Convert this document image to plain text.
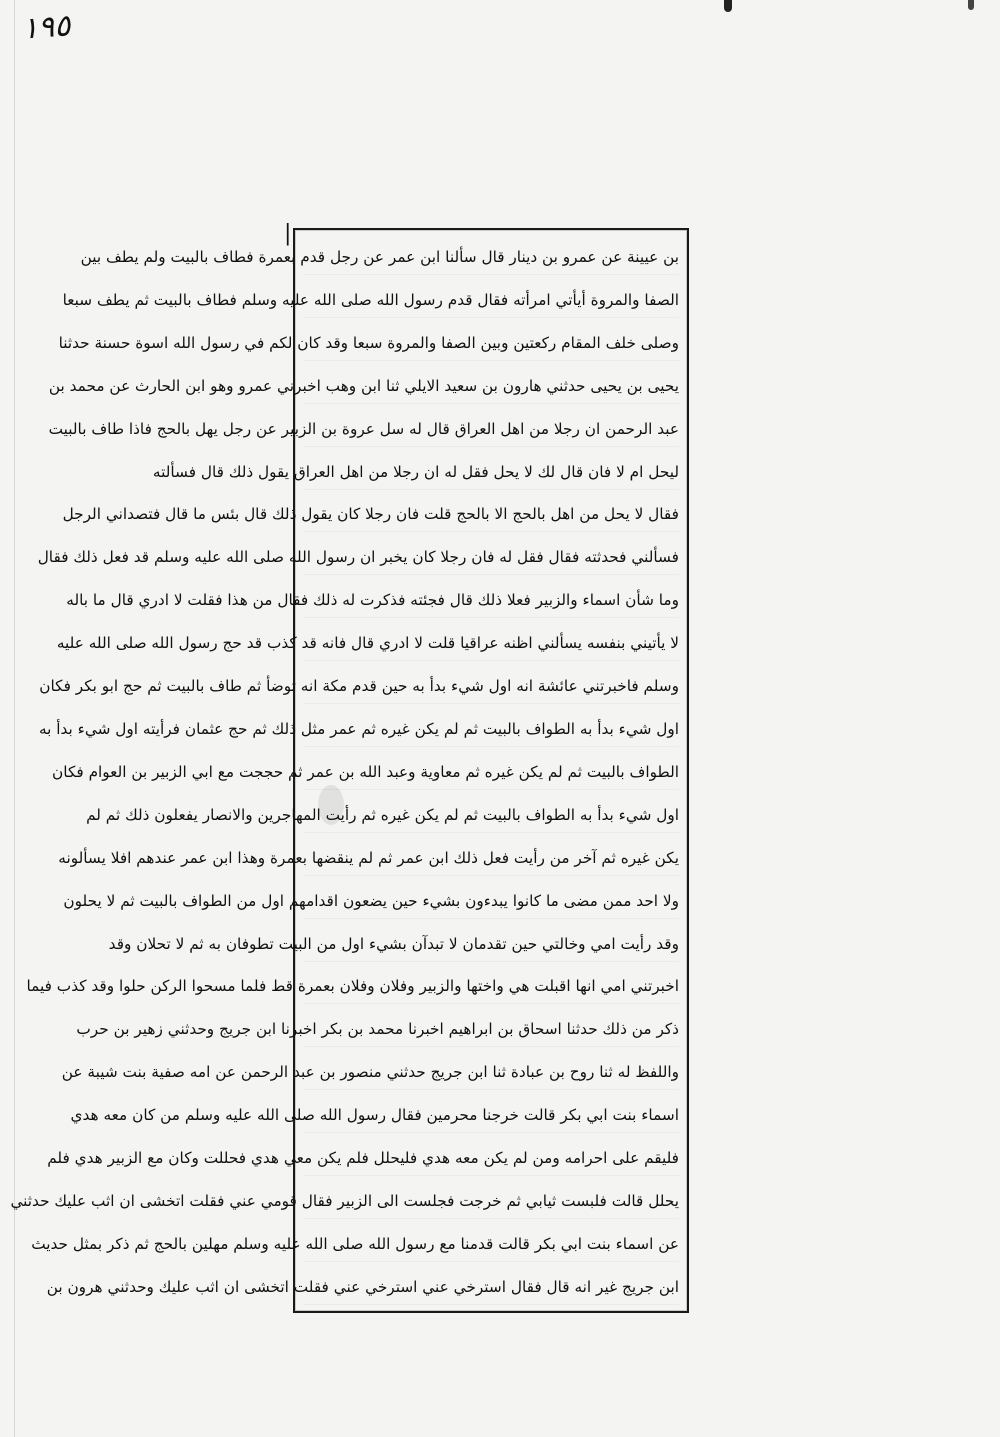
١٩٥
|
بن عيينة عن عمرو بن دينار قال سألنا ابن عمر عن رجل قدم بعمرة فطاف بالبيت ولم يطف بين
الصفا والمروة أيأتي امرأته فقال قدم رسول الله صلى الله عليه وسلم فطاف بالبيت ثم يطف سبعا
وصلى خلف المقام ركعتين وبين الصفا والمروة سبعا وقد كان لكم في رسول الله اسوة حسنة حدثنا
يحيى بن يحيى حدثني هارون بن سعيد الايلي ثنا ابن وهب اخبرني عمرو وهو ابن الحارث عن محمد بن
عبد الرحمن ان رجلا من اهل العراق قال له سل عروة بن الزبير عن رجل يهل بالحج فاذا طاف بالبيت
ليحل ام لا فان قال لك لا يحل فقل له ان رجلا من اهل العراق يقول ذلك قال فسألته
فقال لا يحل من اهل بالحج الا بالحج قلت فان رجلا كان يقول ذلك قال بئس ما قال فتصداني الرجل
فسألني فحدثته فقال فقل له فان رجلا كان يخبر ان رسول الله صلى الله عليه وسلم قد فعل ذلك فقال
وما شأن اسماء والزبير فعلا ذلك قال فجئته فذكرت له ذلك فقال من هذا فقلت لا ادري قال ما باله
لا يأتيني بنفسه يسألني اظنه عراقيا قلت لا ادري قال فانه قد كذب قد حج رسول الله صلى الله عليه
وسلم فاخبرتني عائشة انه اول شيء بدأ به حين قدم مكة انه توضأ ثم طاف بالبيت ثم حج ابو بكر فكان
اول شيء بدأ به الطواف بالبيت ثم لم يكن غيره ثم عمر مثل ذلك ثم حج عثمان فرأيته اول شيء بدأ به
الطواف بالبيت ثم لم يكن غيره ثم معاوية وعبد الله بن عمر ثم حججت مع ابي الزبير بن العوام فكان
اول شيء بدأ به الطواف بالبيت ثم لم يكن غيره ثم رأيت المهاجرين والانصار يفعلون ذلك ثم لم
يكن غيره ثم آخر من رأيت فعل ذلك ابن عمر ثم لم ينقضها بعمرة وهذا ابن عمر عندهم افلا يسألونه
ولا احد ممن مضى ما كانوا يبدءون بشيء حين يضعون اقدامهم اول من الطواف بالبيت ثم لا يحلون
وقد رأيت امي وخالتي حين تقدمان لا تبدآن بشيء اول من البيت تطوفان به ثم لا تحلان وقد
اخبرتني امي انها اقبلت هي واختها والزبير وفلان وفلان بعمرة قط فلما مسحوا الركن حلوا وقد كذب فيما
ذكر من ذلك حدثنا اسحاق بن ابراهيم اخبرنا محمد بن بكر اخبرنا ابن جريج وحدثني زهير بن حرب
واللفظ له ثنا روح بن عبادة ثنا ابن جريج حدثني منصور بن عبد الرحمن عن امه صفية بنت شيبة عن
اسماء بنت ابي بكر قالت خرجنا محرمين فقال رسول الله صلى الله عليه وسلم من كان معه هدي
فليقم على احرامه ومن لم يكن معه هدي فليحلل فلم يكن معي هدي فحللت وكان مع الزبير هدي فلم
يحلل قالت فلبست ثيابي ثم خرجت فجلست الى الزبير فقال قومي عني فقلت اتخشى ان اثب عليك حدثني
عن اسماء بنت ابي بكر قالت قدمنا مع رسول الله صلى الله عليه وسلم مهلين بالحج ثم ذكر بمثل حديث
ابن جريج غير انه قال فقال استرخي عني استرخي عني فقلت اتخشى ان اثب عليك وحدثني هرون بن
